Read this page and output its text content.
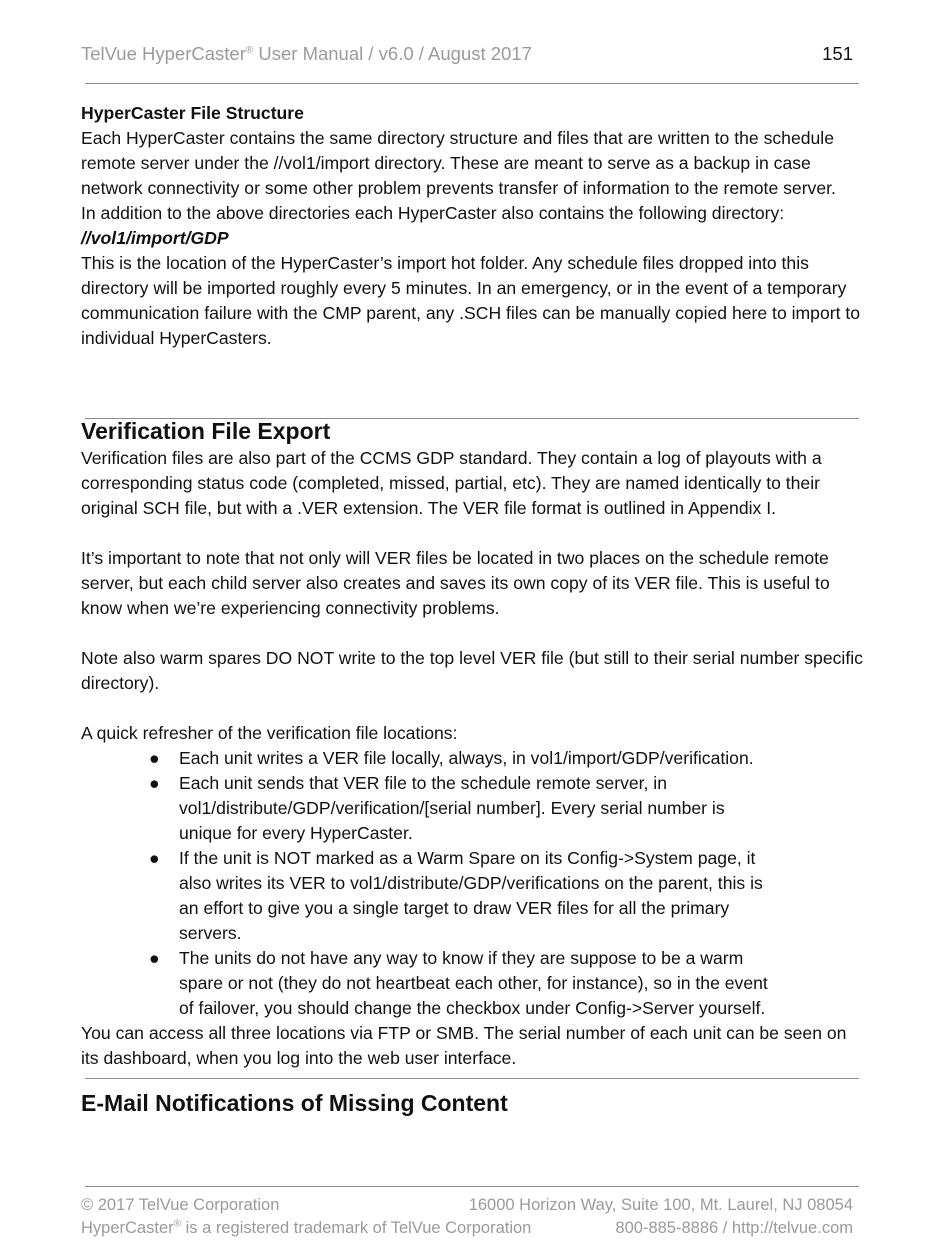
TelVue HyperCaster® User Manual / v6.0 / August 2017	151

HyperCaster File Structure

Each HyperCaster contains the same directory structure and files that are written to the schedule remote server under the //vol1/import directory. These are meant to serve as a backup in case network connectivity or some other problem prevents transfer of information to the remote server.

In addition to the above directories each HyperCaster also contains the following directory:

//vol1/import/GDP

This is the location of the HyperCaster’s import hot folder. Any schedule files dropped into this directory will be imported roughly every 5 minutes. In an emergency, or in the event of a temporary communication failure with the CMP parent, any .SCH files can be manually copied here to import to individual HyperCasters.

Verification File Export

Verification files are also part of the CCMS GDP standard. They contain a log of playouts with a corresponding status code (completed, missed, partial, etc). They are named identically to their original SCH file, but with a .VER extension. The VER file format is outlined in Appendix I.

It’s important to note that not only will VER files be located in two places on the schedule remote server, but each child server also creates and saves its own copy of its VER file. This is useful to know when we’re experiencing connectivity problems.

Note also warm spares DO NOT write to the top level VER file (but still to their serial number specific directory).

A quick refresher of the verification file locations:

● Each unit writes a VER file locally, always, in vol1/import/GDP/verification.
● Each unit sends that VER file to the schedule remote server, in vol1/distribute/GDP/verification/[serial number]. Every serial number is unique for every HyperCaster.
● If the unit is NOT marked as a Warm Spare on its Config->System page, it also writes its VER to vol1/distribute/GDP/verifications on the parent, this is an effort to give you a single target to draw VER files for all the primary servers.
● The units do not have any way to know if they are suppose to be a warm spare or not (they do not heartbeat each other, for instance), so in the event of failover, you should change the checkbox under Config->Server yourself.

You can access all three locations via FTP or SMB. The serial number of each unit can be seen on its dashboard, when you log into the web user interface.

E-Mail Notifications of Missing Content
© 2017 TelVue Corporation	16000 Horizon Way, Suite 100, Mt. Laurel, NJ 08054
HyperCaster® is a registered trademark of TelVue Corporation	800-885-8886 / http://telvue.com
